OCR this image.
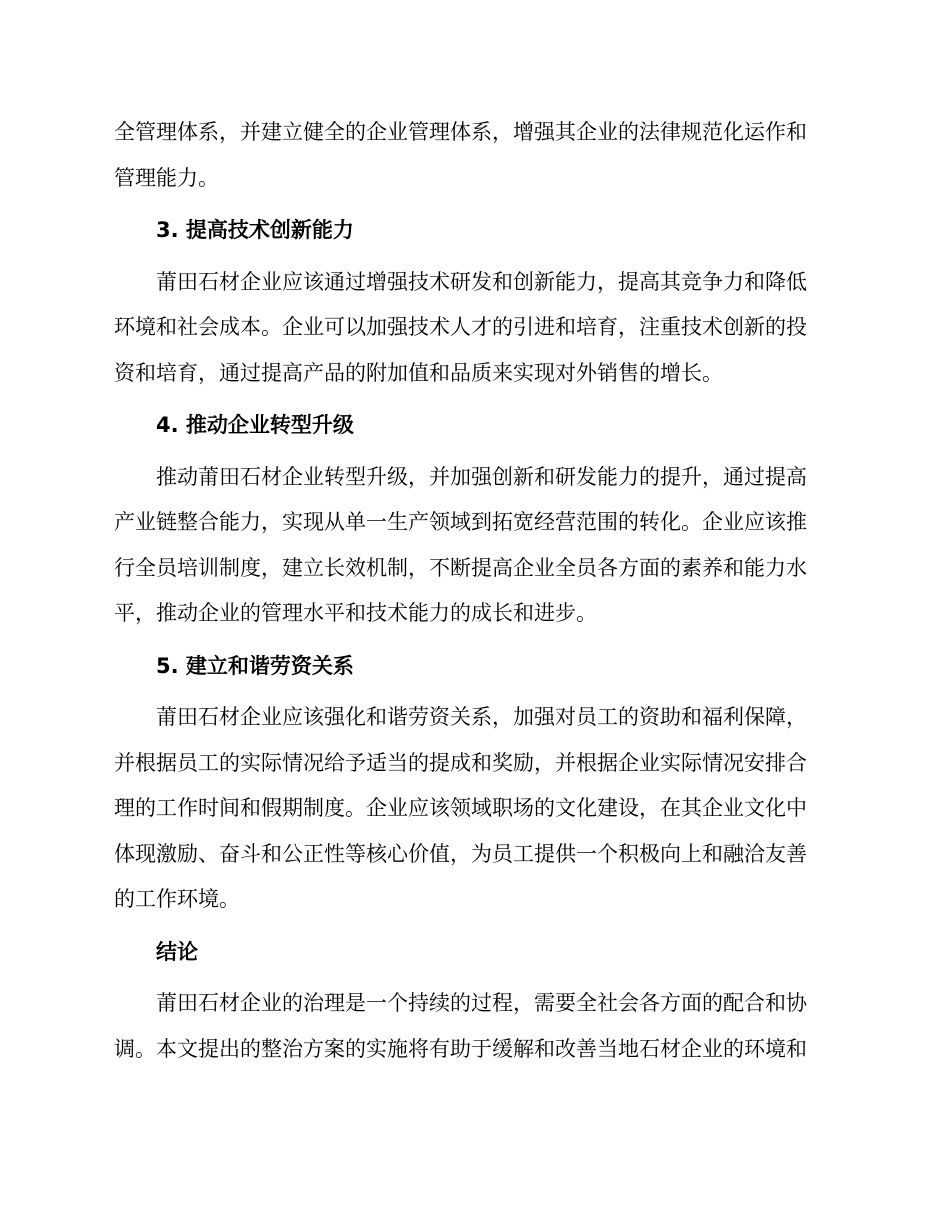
全管理体系，并建立健全的企业管理体系，增强其企业的法律规范化运作和
管理能力。

3. 提高技术创新能力

莆田石材企业应该通过增强技术研发和创新能力，提高其竞争力和降低
环境和社会成本。企业可以加强技术人才的引进和培育，注重技术创新的投
资和培育，通过提高产品的附加值和品质来实现对外销售的增长。

4. 推动企业转型升级

推动莆田石材企业转型升级，并加强创新和研发能力的提升，通过提高
产业链整合能力，实现从单一生产领域到拓宽经营范围的转化。企业应该推
行全员培训制度，建立长效机制，不断提高企业全员各方面的素养和能力水
平，推动企业的管理水平和技术能力的成长和进步。

5. 建立和谐劳资关系

莆田石材企业应该强化和谐劳资关系，加强对员工的资助和福利保障，
并根据员工的实际情况给予适当的提成和奖励，并根据企业实际情况安排合
理的工作时间和假期制度。企业应该领域职场的文化建设，在其企业文化中
体现激励、奋斗和公正性等核心价值，为员工提供一个积极向上和融洽友善
的工作环境。

结论

莆田石材企业的治理是一个持续的过程，需要全社会各方面的配合和协
调。本文提出的整治方案的实施将有助于缓解和改善当地石材企业的环境和
